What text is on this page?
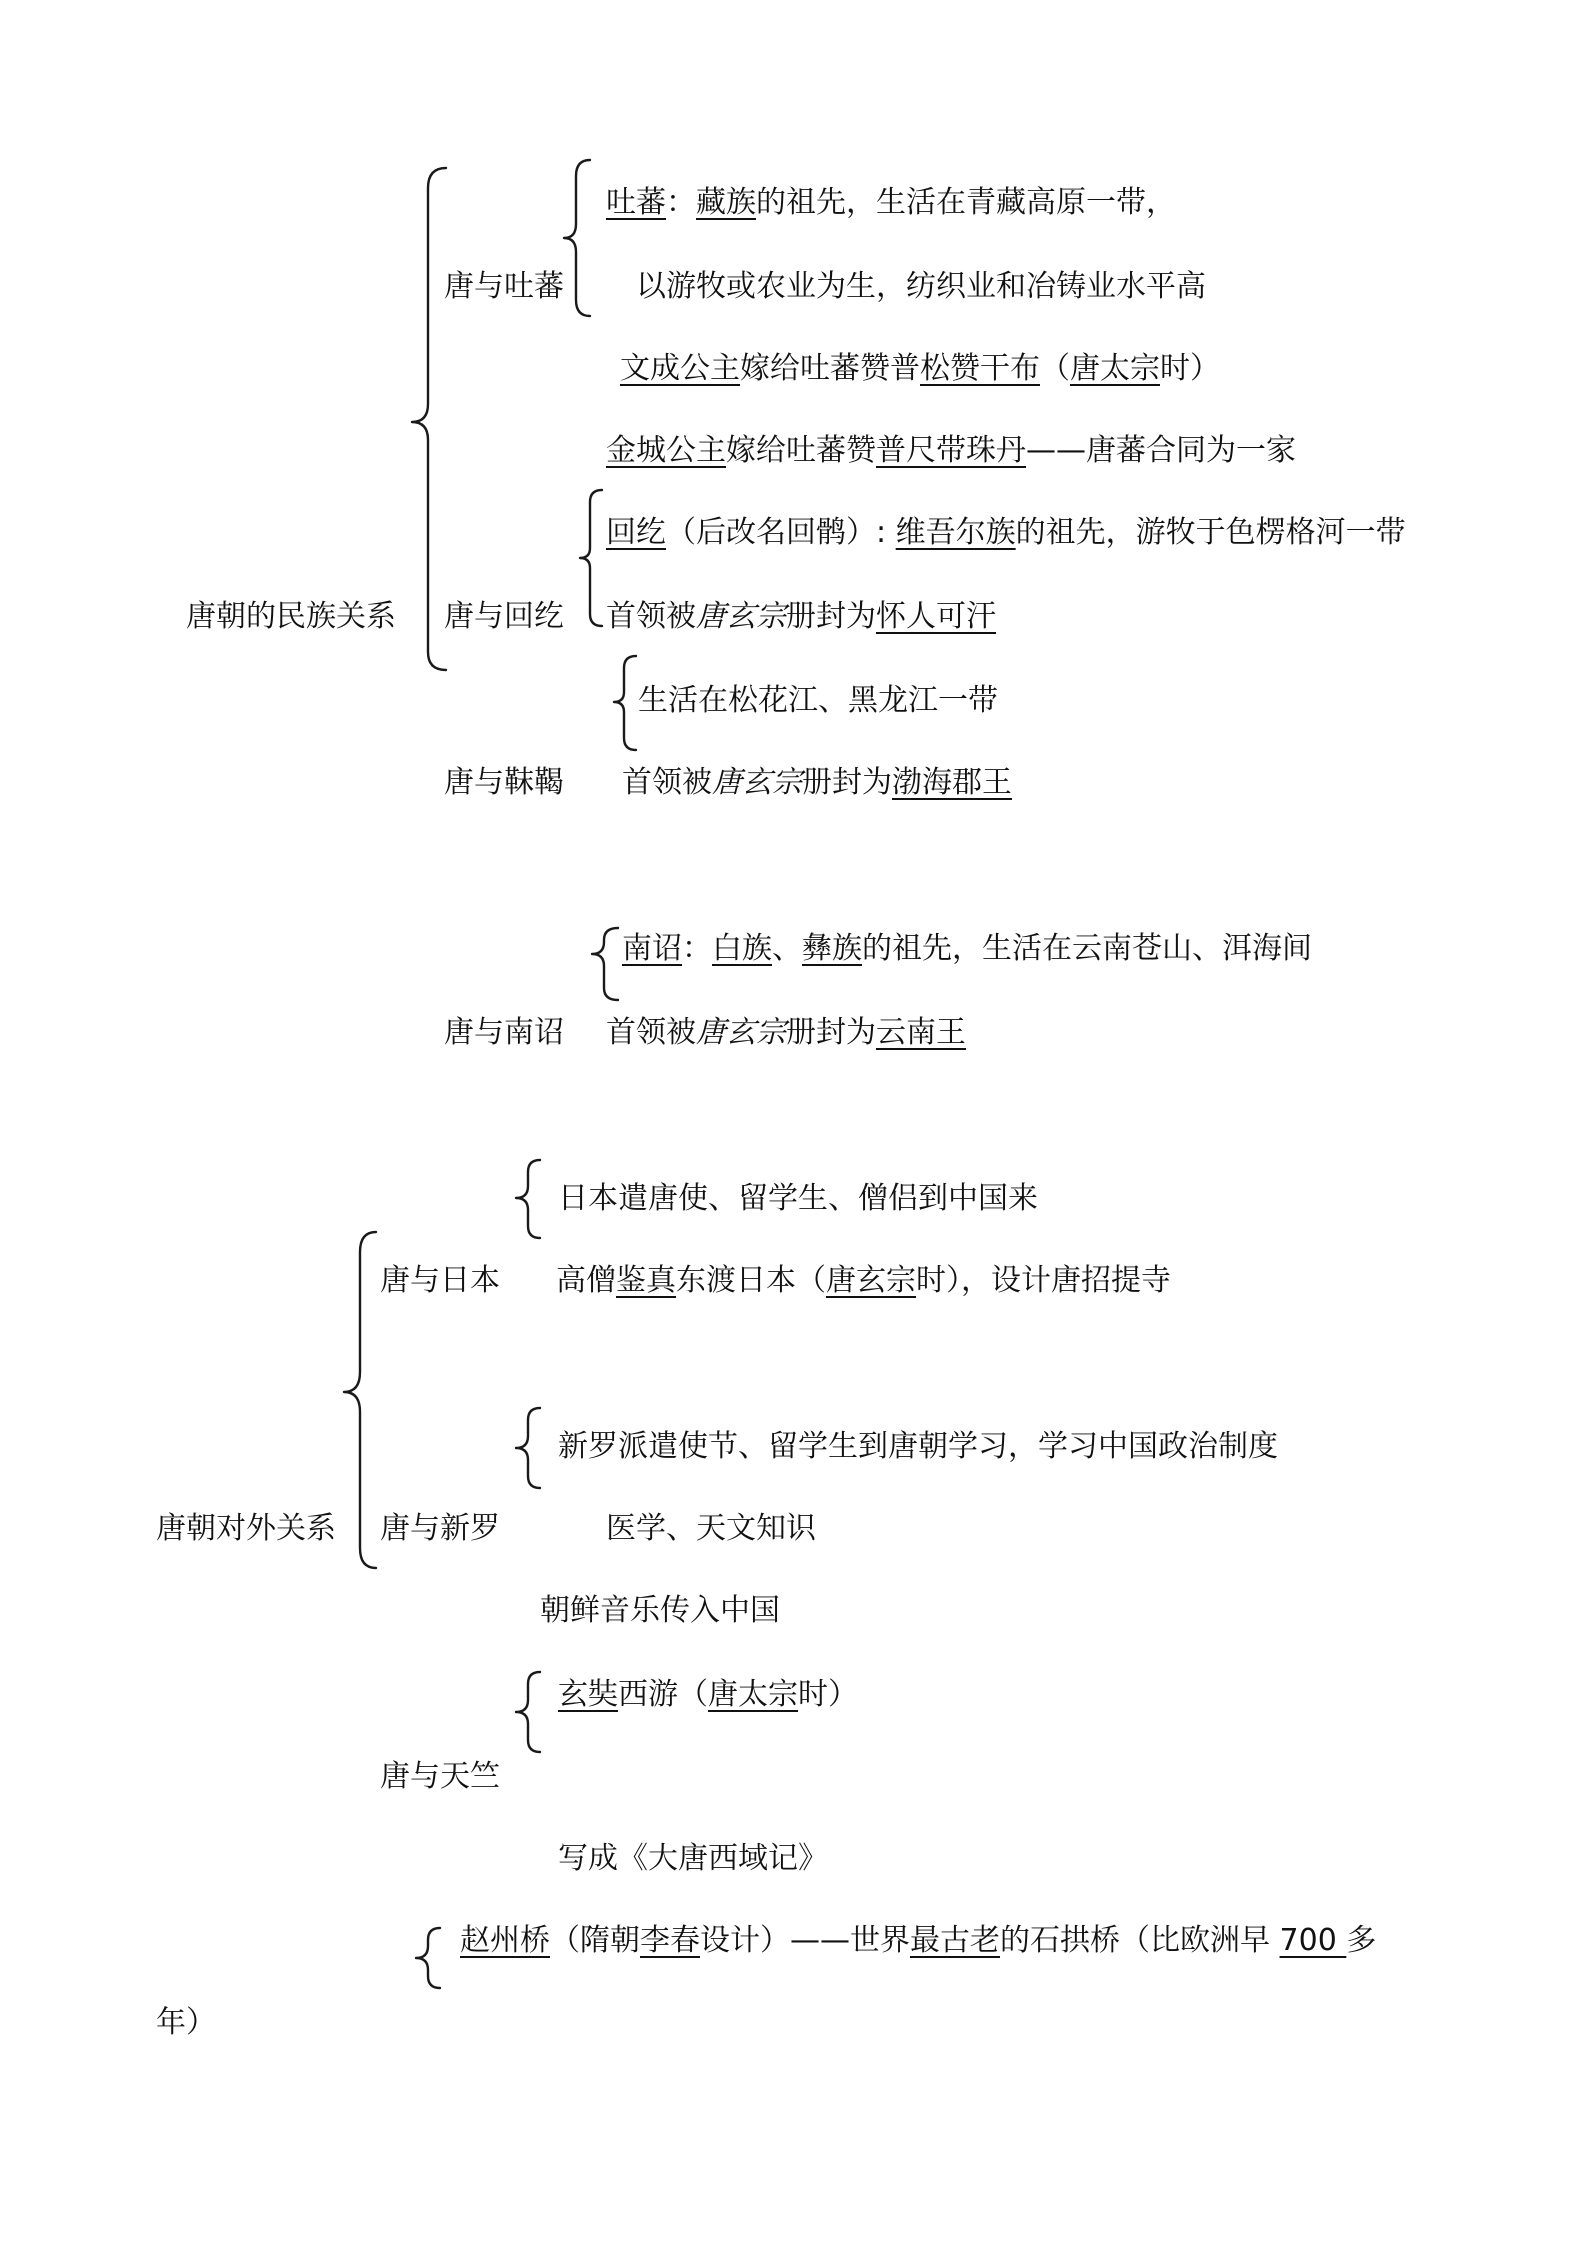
唐朝的民族关系
唐与吐蕃
吐蕃：藏族的祖先，生活在青藏高原一带，
以游牧或农业为生，纺织业和冶铸业水平高
文成公主嫁给吐蕃赞普松赞干布（唐太宗时）
金城公主嫁给吐蕃赞普尺带珠丹——唐蕃合同为一家
唐与回纥
回纥（后改名回鹘）: 维吾尔族的祖先，游牧于色楞格河一带
首领被唐玄宗册封为怀人可汗
唐与靺鞨
生活在松花江、黑龙江一带
首领被唐玄宗册封为渤海郡王
唐与南诏
南诏：白族、彝族的祖先，生活在云南苍山、洱海间
首领被唐玄宗册封为云南王
唐朝对外关系
唐与日本
日本遣唐使、留学生、僧侣到中国来
高僧鉴真东渡日本（唐玄宗时），设计唐招提寺
唐与新罗
新罗派遣使节、留学生到唐朝学习，学习中国政治制度
医学、天文知识
朝鲜音乐传入中国
唐与天竺
玄奘西游（唐太宗时）
写成《大唐西域记》
赵州桥（隋朝李春设计）——世界最古老的石拱桥（比欧洲早 700 多
年）
